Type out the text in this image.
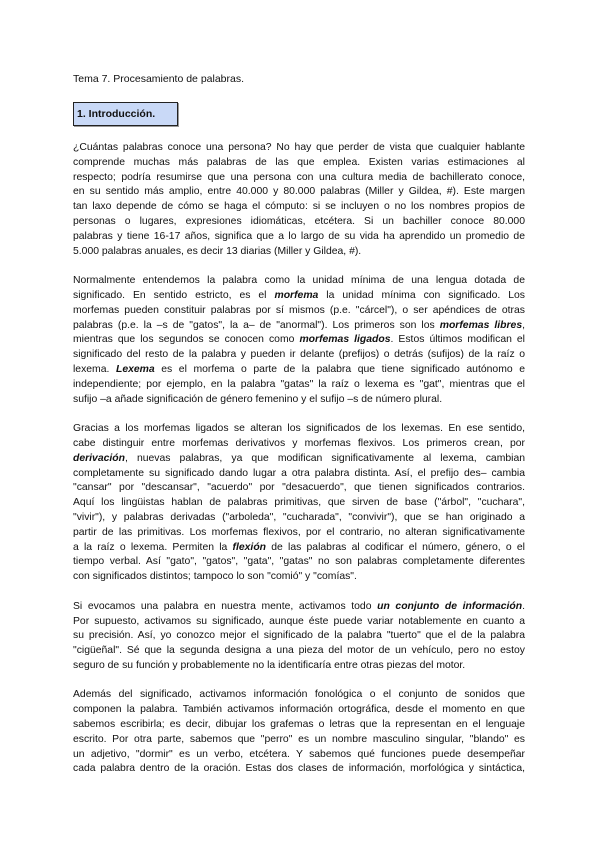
Tema 7. Procesamiento de palabras.
1. Introducción.
¿Cuántas palabras conoce una persona? No hay que perder de vista que cualquier hablante
comprende muchas más palabras de las que emplea. Existen varias estimaciones al
respecto; podría resumirse que una persona con una cultura media de bachillerato conoce,
en su sentido más amplio, entre 40.000 y 80.000 palabras (Miller y Gildea, #). Este margen
tan laxo depende de cómo se haga el cómputo: si se incluyen o no los nombres propios de
personas o lugares, expresiones idiomáticas, etcétera. Si un bachiller conoce 80.000
palabras y tiene 16-17 años, significa que a lo largo de su vida ha aprendido un promedio de
5.000 palabras anuales, es decir 13 diarias (Miller y Gildea, #).
Normalmente entendemos la palabra como la unidad mínima de una lengua dotada de
significado. En sentido estricto, es el morfema la unidad mínima con significado. Los
morfemas pueden constituir palabras por sí mismos (p.e. "cárcel"), o ser apéndices de otras
palabras (p.e. la –s de "gatos", la a– de "anormal"). Los primeros son los morfemas libres,
mientras que los segundos se conocen como morfemas ligados. Estos últimos modifican el
significado del resto de la palabra y pueden ir delante (prefijos) o detrás (sufijos) de la raíz o
lexema. Lexema es el morfema o parte de la palabra que tiene significado autónomo e
independiente; por ejemplo, en la palabra "gatas" la raíz o lexema es "gat", mientras que el
sufijo –a añade significación de género femenino y el sufijo –s de número plural.
Gracias a los morfemas ligados se alteran los significados de los lexemas. En ese sentido,
cabe distinguir entre morfemas derivativos y morfemas flexivos. Los primeros crean, por
derivación, nuevas palabras, ya que modifican significativamente al lexema, cambian
completamente su significado dando lugar a otra palabra distinta. Así, el prefijo des– cambia
"cansar" por "descansar", "acuerdo" por "desacuerdo", que tienen significados contrarios.
Aquí los lingüistas hablan de palabras primitivas, que sirven de base ("árbol", "cuchara",
"vivir"), y palabras derivadas ("arboleda", "cucharada", "convivir"), que se han originado a
partir de las primitivas. Los morfemas flexivos, por el contrario, no alteran significativamente
a la raíz o lexema. Permiten la flexión de las palabras al codificar el número, género, o el
tiempo verbal. Así "gato", "gatos", "gata", "gatas" no son palabras completamente diferentes
con significados distintos; tampoco lo son "comió" y "comías".
Si evocamos una palabra en nuestra mente, activamos todo un conjunto de información.
Por supuesto, activamos su significado, aunque éste puede variar notablemente en cuanto a
su precisión. Así, yo conozco mejor el significado de la palabra "tuerto" que el de la palabra
"cigüeñal". Sé que la segunda designa a una pieza del motor de un vehículo, pero no estoy
seguro de su función y probablemente no la identificaría entre otras piezas del motor.
Además del significado, activamos información fonológica o el conjunto de sonidos que
componen la palabra. También activamos información ortográfica, desde el momento en que
sabemos escribirla; es decir, dibujar los grafemas o letras que la representan en el lenguaje
escrito. Por otra parte, sabemos que "perro" es un nombre masculino singular, "blando" es
un adjetivo, "dormir" es un verbo, etcétera. Y sabemos qué funciones puede desempeñar
cada palabra dentro de la oración. Estas dos clases de información, morfológica y sintáctica,
